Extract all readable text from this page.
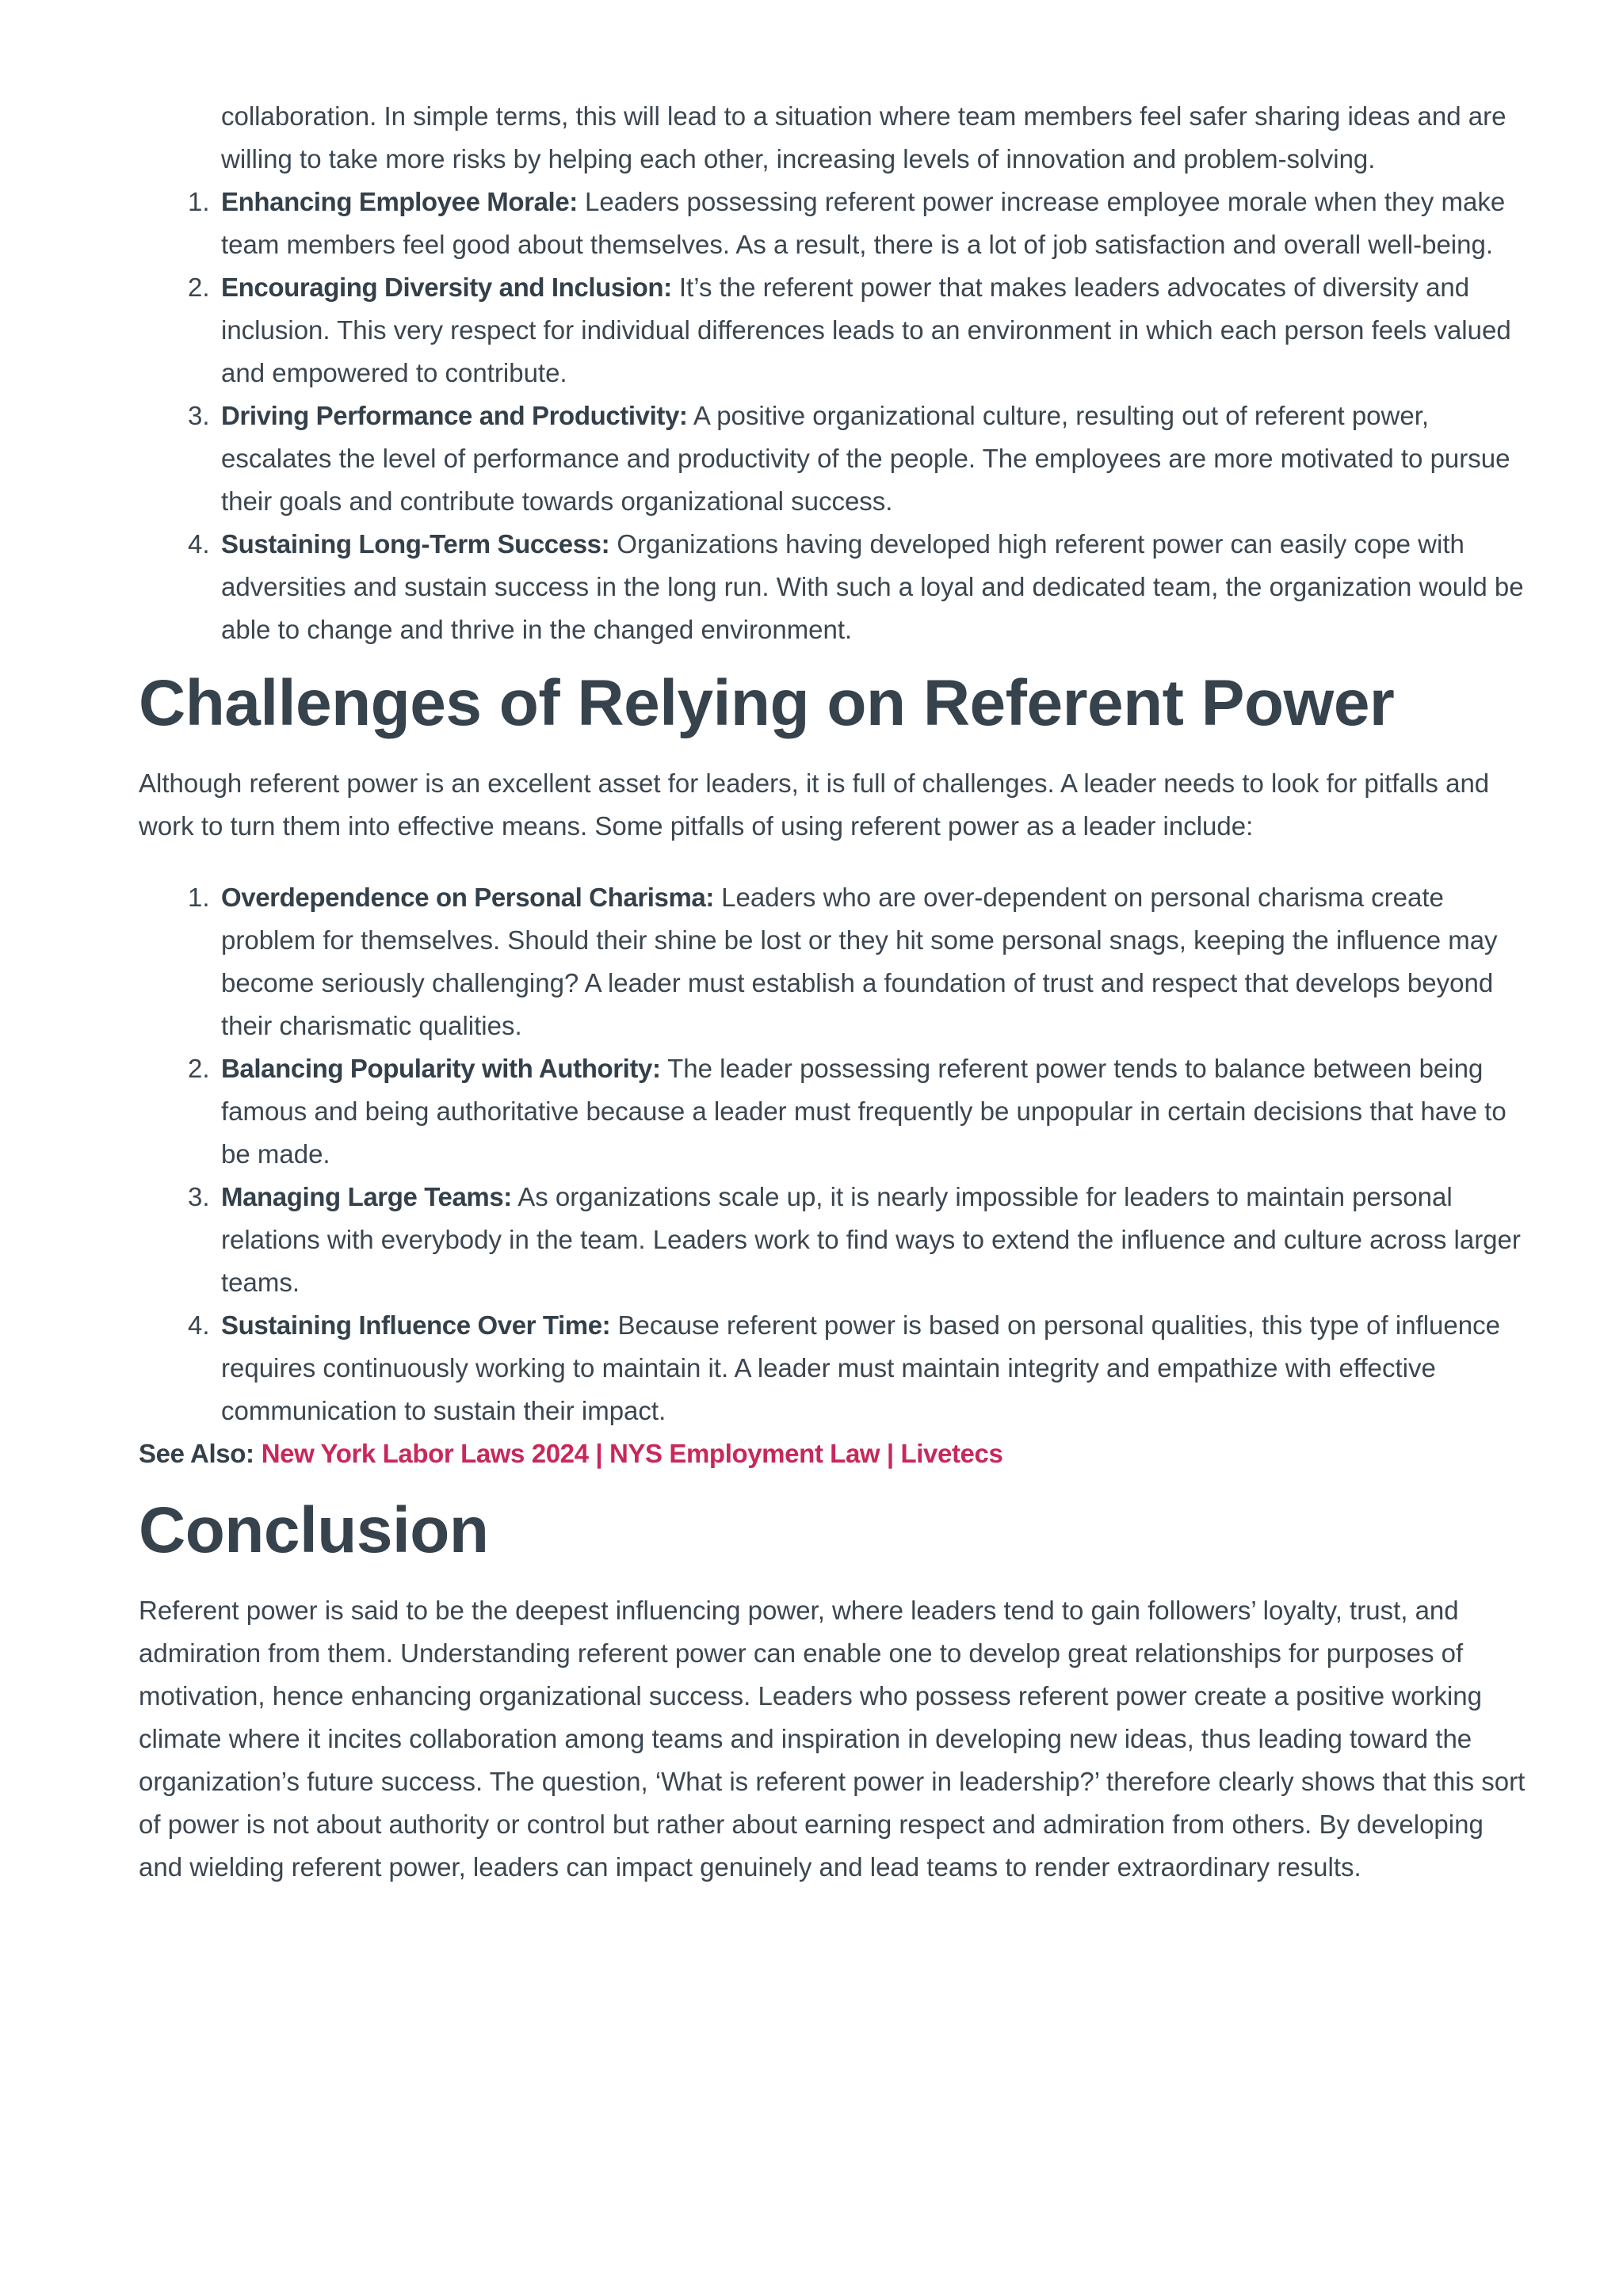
collaboration. In simple terms, this will lead to a situation where team members feel safer sharing ideas and are willing to take more risks by helping each other, increasing levels of innovation and problem-solving.

1. Enhancing Employee Morale: Leaders possessing referent power increase employee morale when they make team members feel good about themselves. As a result, there is a lot of job satisfaction and overall well-being.
2. Encouraging Diversity and Inclusion: It’s the referent power that makes leaders advocates of diversity and inclusion. This very respect for individual differences leads to an environment in which each person feels valued and empowered to contribute.
3. Driving Performance and Productivity: A positive organizational culture, resulting out of referent power, escalates the level of performance and productivity of the people. The employees are more motivated to pursue their goals and contribute towards organizational success.
4. Sustaining Long-Term Success: Organizations having developed high referent power can easily cope with adversities and sustain success in the long run. With such a loyal and dedicated team, the organization would be able to change and thrive in the changed environment.
Challenges of Relying on Referent Power

Although referent power is an excellent asset for leaders, it is full of challenges. A leader needs to look for pitfalls and work to turn them into effective means. Some pitfalls of using referent power as a leader include:

1. Overdependence on Personal Charisma: Leaders who are over-dependent on personal charisma create problem for themselves. Should their shine be lost or they hit some personal snags, keeping the influence may become seriously challenging? A leader must establish a foundation of trust and respect that develops beyond their charismatic qualities.
2. Balancing Popularity with Authority: The leader possessing referent power tends to balance between being famous and being authoritative because a leader must frequently be unpopular in certain decisions that have to be made.
3. Managing Large Teams: As organizations scale up, it is nearly impossible for leaders to maintain personal relations with everybody in the team. Leaders work to find ways to extend the influence and culture across larger teams.
4. Sustaining Influence Over Time: Because referent power is based on personal qualities, this type of influence requires continuously working to maintain it. A leader must maintain integrity and empathize with effective communication to sustain their impact.

See Also: New York Labor Laws 2024 | NYS Employment Law | Livetecs

Conclusion

Referent power is said to be the deepest influencing power, where leaders tend to gain followers’ loyalty, trust, and admiration from them. Understanding referent power can enable one to develop great relationships for purposes of motivation, hence enhancing organizational success. Leaders who possess referent power create a positive working climate where it incites collaboration among teams and inspiration in developing new ideas, thus leading toward the organization’s future success. The question, ‘What is referent power in leadership?’ therefore clearly shows that this sort of power is not about authority or control but rather about earning respect and admiration from others. By developing and wielding referent power, leaders can impact genuinely and lead teams to render extraordinary results.
